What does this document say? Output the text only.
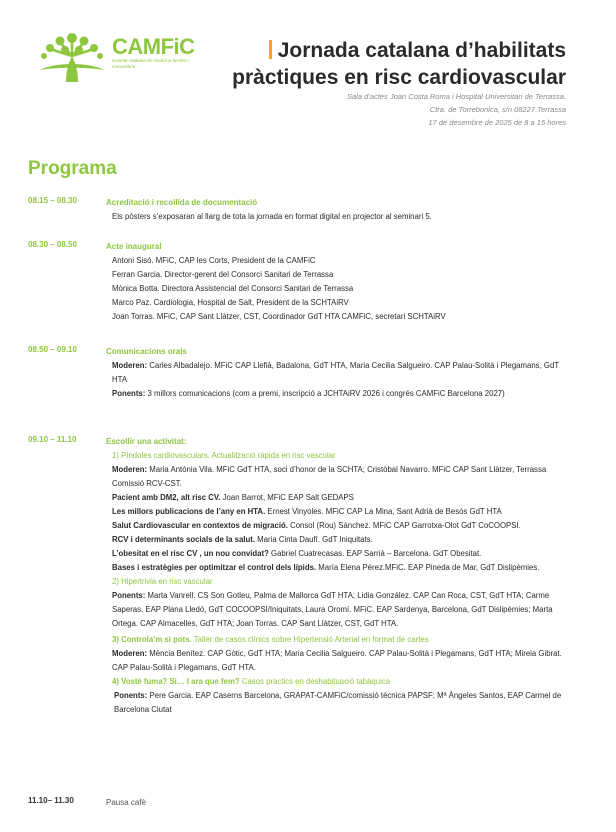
CAMFiC
societat catalana de medicina familiar i comunitària
Jornada catalana d’habilitats
pràctiques en risc cardiovascular
Sala d’actes Joan Costa Roma i Hospital Universitari de Terrassa.
Ctra. de Torrebonica, s/n 08227 Terrassa
17 de desembre de 2025 de 8 a 15 hores
Programa
08.15 – 08.30	Acreditació i recollida de documentació
Els pòsters s’exposaran al llarg de tota la jornada en format digital en projector al seminari 5.
08.30 – 08.50	Acte inaugural
Antoni Sisó. MFiC, CAP les Corts, President de la CAMFiC
Ferran Garcia. Director-gerent del Consorci Sanitari de Terrassa
Mònica Botta. Directora Assistencial del Consorci Sanitari de Terrassa
Marco Paz. Cardiologia, Hospital de Salt, President de la SCHTAiRV
Joan Torras. MFiC, CAP Sant Llàtzer, CST, Coordinador GdT HTA CAMFiC, secretari SCHTAiRV
08.50 – 09.10	Comunicacions orals
Moderen: Carles Albadalejo. MFiC CAP Llefià, Badalona, GdT HTA, Maria Cecilia Salgueiro. CAP Palau-Solità i Plegamans, GdT HTA
Ponents: 3 millors comunicacions (com a premi, inscripció a JCHTAiRV 2026 i congrés CAMFiC Barcelona 2027)
09.10 – 11.10	Escollir una activitat:
1) Píndoles cardiovasculars. Actualització ràpida en risc vascular
Moderen: Maria Antònia Vila. MFiC GdT HTA, soci d’honor de la SCHTA; Cristòbal Navarro. MFiC CAP Sant Llàtzer, Terrassa Comissió RCV-CST.
Pacient amb DM2, alt risc CV. Joan Barrot, MFiC EAP Salt GEDAPS
Les millors publicacions de l’any en HTA. Ernest Vinyoles. MFiC CAP La Mina, Sant Adrià de Besòs GdT HTA
Salut Cardiovascular en contextos de migració. Consol (Rou) Sánchez. MFiC CAP Garrotxa-Olot GdT CoCOOPSI.
RCV i determinants socials de la salut. Maria Cinta Daufí. GdT Iniquitats.
L’obesitat en el risc CV , un nou convidat? Gabriel Cuatrecasas. EAP Sarrià – Barcelona. GdT Obesitat.
Bases i estratègies per optimitzar el control dels lípids. María Elena Pérez.MFiC. EAP Pineda de Mar, GdT Dislipèmies.
2) Hipertrivia en risc vascular
Ponents: Marta Vanrell. CS Son Gotleu, Palma de Mallorca GdT HTA; Lidia González. CAP Can Roca, CST, GdT HTA; Carme Saperas. EAP Plana Lledó, GdT COCOOPSI/Iniquitats, Laura Oromí. MFiC. EAP Sardenya, Barcelona, GdT Dislipèmies; Marta Ortega. CAP Almacelles, GdT HTA; Joan Torras. CAP Sant Llàtzer, CST, GdT HTA.
3) Controla’m si pots. Taller de casos clínics sobre Hipertensió Arterial en format de cartes
Moderen: Mència Benítez. CAP Gòtic, GdT HTA; Maria Cecilia Salgueiro. CAP Palau-Solità i Plegamans, GdT HTA; Mireia Gibrat. CAP Palau-Solità i Plegamans, GdT HTA.
4) Vostè fuma? Si… I ara que fem? Casos pràctics en deshabituació tabàquica
Ponents: Pere Garcia. EAP Caserns Barcelona, GRAPAT-CAMFiC/comissió tècnica PAPSF; Mª Àngeles Santos, EAP Carmel de Barcelona Ciutat
11.10– 11.30	Pausa cafè
